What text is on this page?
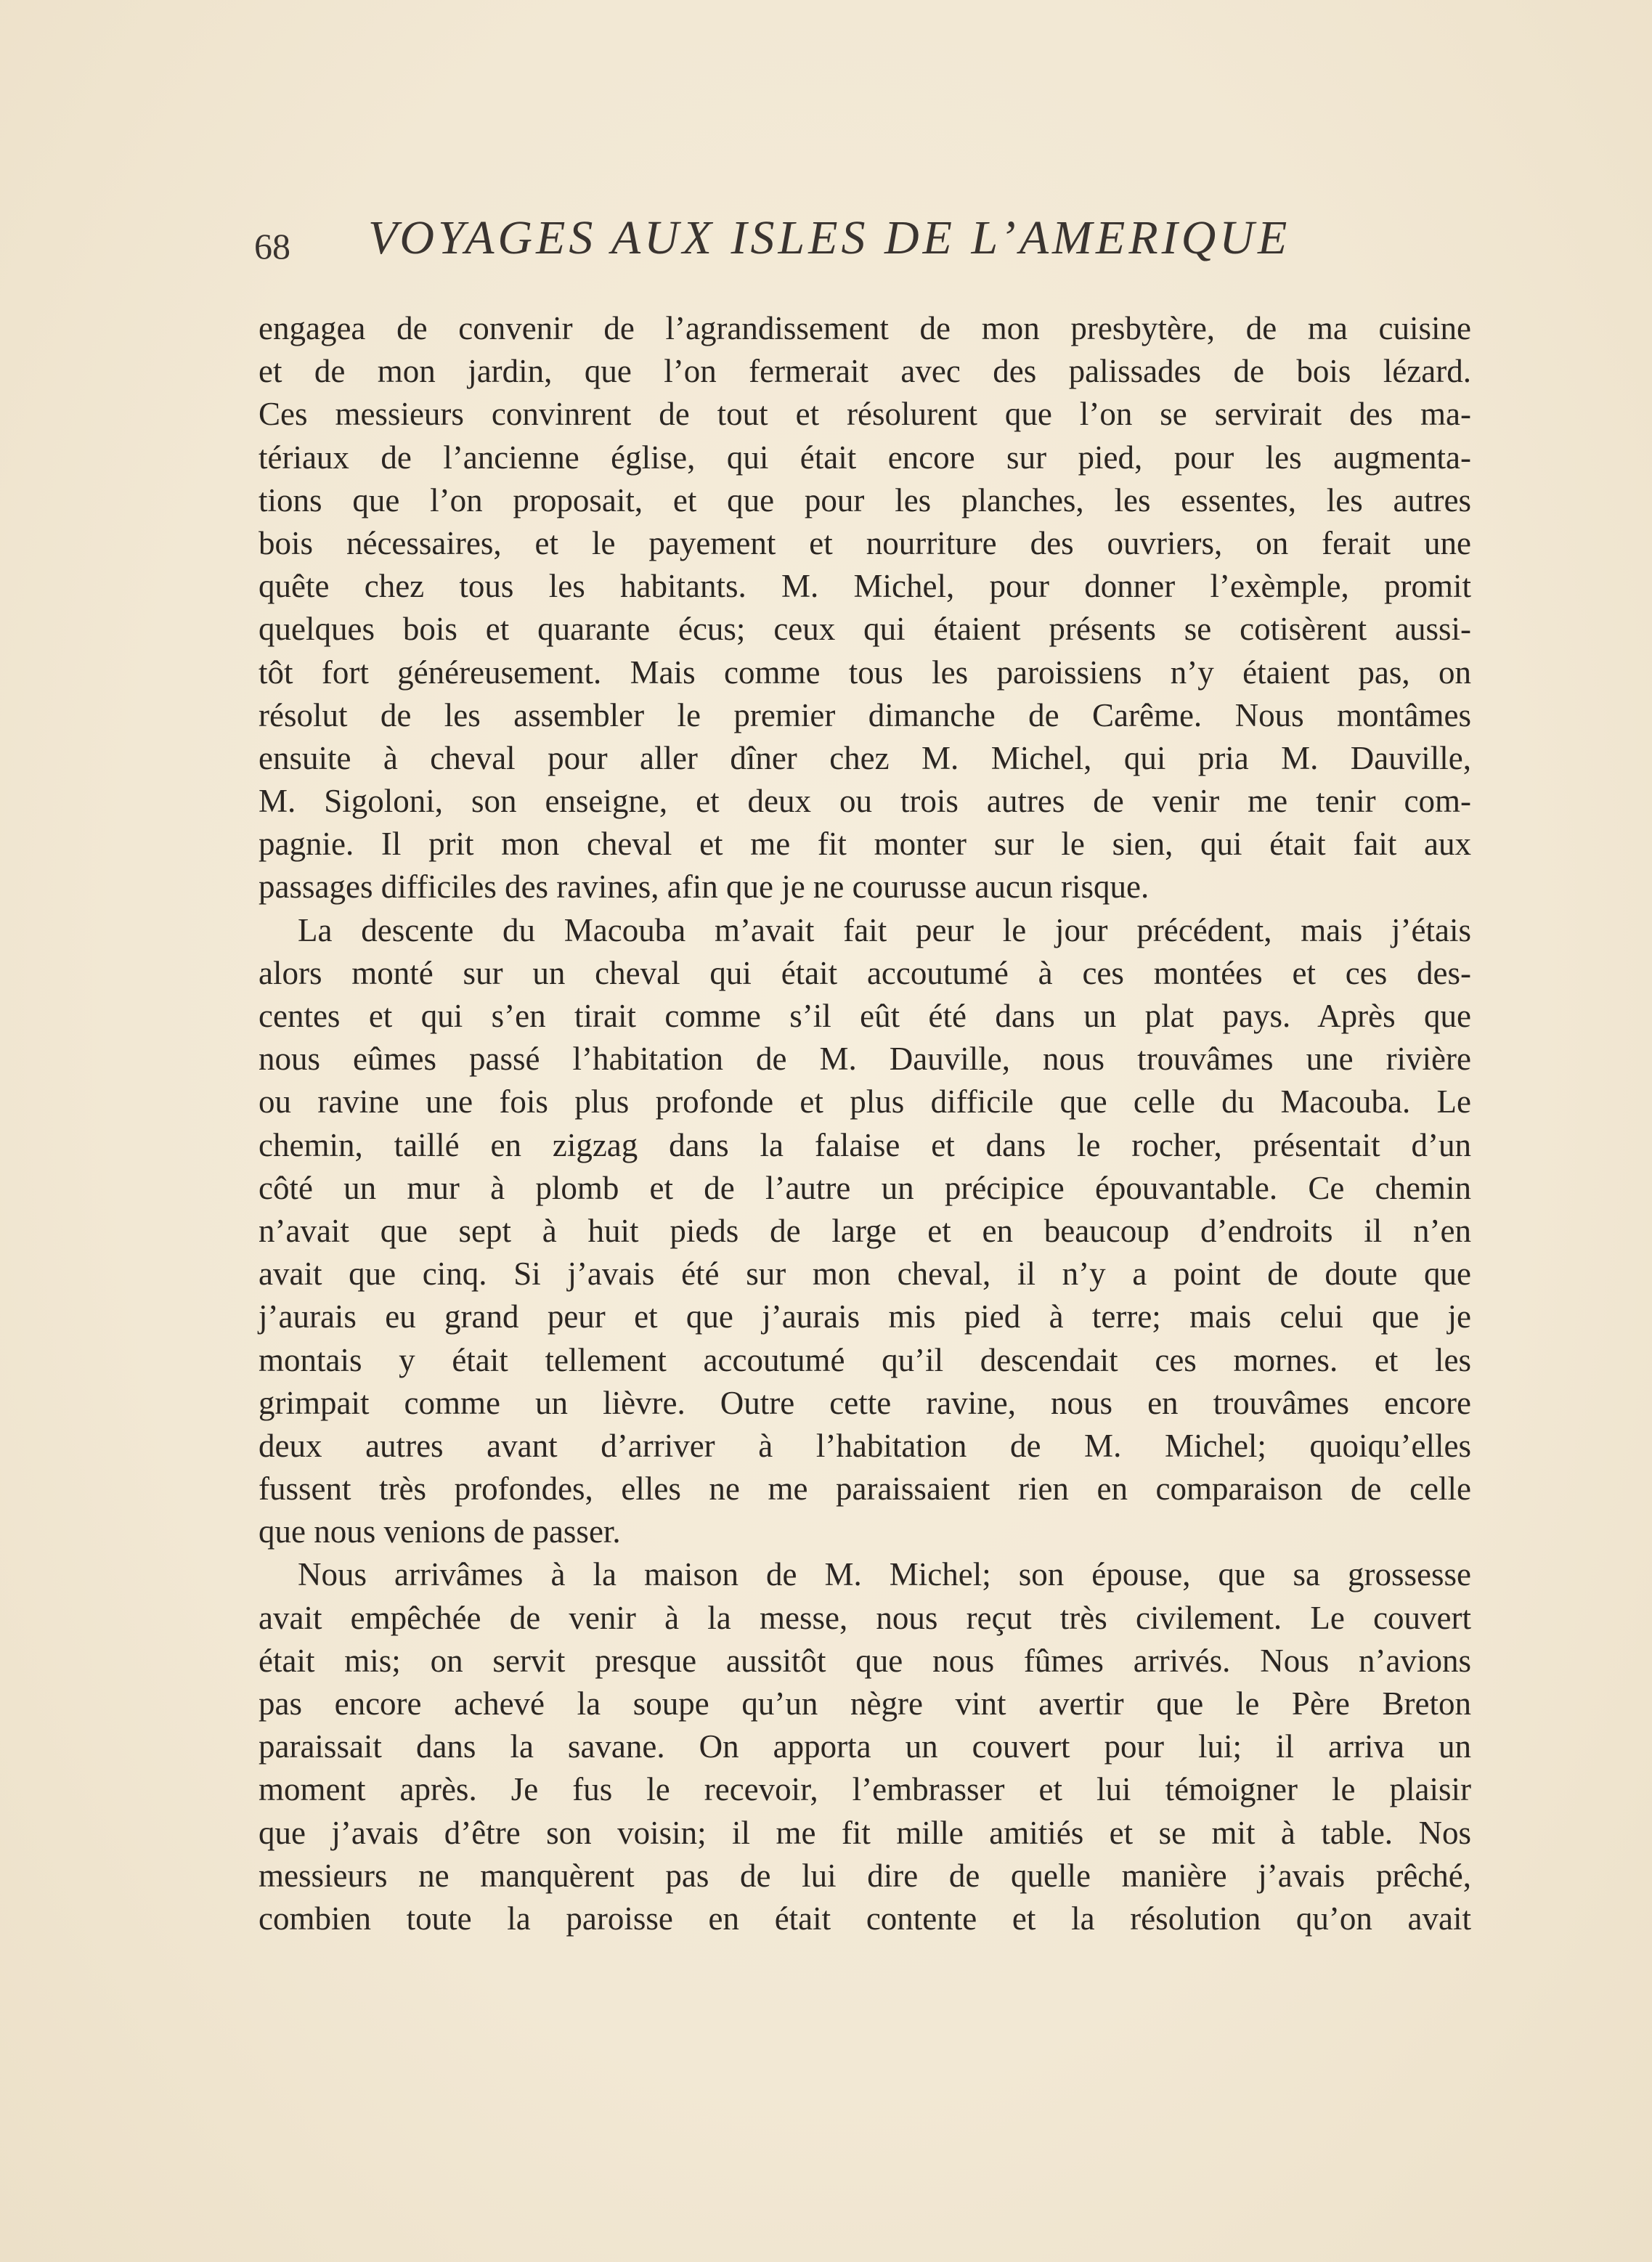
68 VOYAGES AUX ISLES DE L’AMERIQUE
engagea de convenir de l’agrandissement de mon presbytère, de ma cuisine
et de mon jardin, que l’on fermerait avec des palissades de bois lézard.
Ces messieurs convinrent de tout et résolurent que l’on se servirait des ma-
tériaux de l’ancienne église, qui était encore sur pied, pour les augmenta-
tions que l’on proposait, et que pour les planches, les essentes, les autres
bois nécessaires, et le payement et nourriture des ouvriers, on ferait une
quête chez tous les habitants. M. Michel, pour donner l’exèmple, promit
quelques bois et quarante écus; ceux qui étaient présents se cotisèrent aussi-
tôt fort généreusement. Mais comme tous les paroissiens n’y étaient pas, on
résolut de les assembler le premier dimanche de Carême. Nous montâmes
ensuite à cheval pour aller dîner chez M. Michel, qui pria M. Dauville,
M. Sigoloni, son enseigne, et deux ou trois autres de venir me tenir com-
pagnie. Il prit mon cheval et me fit monter sur le sien, qui était fait aux
passages difficiles des ravines, afin que je ne courusse aucun risque.
La descente du Macouba m’avait fait peur le jour précédent, mais j’étais
alors monté sur un cheval qui était accoutumé à ces montées et ces des-
centes et qui s’en tirait comme s’il eût été dans un plat pays. Après que
nous eûmes passé l’habitation de M. Dauville, nous trouvâmes une rivière
ou ravine une fois plus profonde et plus difficile que celle du Macouba. Le
chemin, taillé en zigzag dans la falaise et dans le rocher, présentait d’un
côté un mur à plomb et de l’autre un précipice épouvantable. Ce chemin
n’avait que sept à huit pieds de large et en beaucoup d’endroits il n’en
avait que cinq. Si j’avais été sur mon cheval, il n’y a point de doute que
j’aurais eu grand peur et que j’aurais mis pied à terre; mais celui que je
montais y était tellement accoutumé qu’il descendait ces mornes. et les
grimpait comme un lièvre. Outre cette ravine, nous en trouvâmes encore
deux autres avant d’arriver à l’habitation de M. Michel; quoiqu’elles
fussent très profondes, elles ne me paraissaient rien en comparaison de celle
que nous venions de passer.
Nous arrivâmes à la maison de M. Michel; son épouse, que sa grossesse
avait empêchée de venir à la messe, nous reçut très civilement. Le couvert
était mis; on servit presque aussitôt que nous fûmes arrivés. Nous n’avions
pas encore achevé la soupe qu’un nègre vint avertir que le Père Breton
paraissait dans la savane. On apporta un couvert pour lui; il arriva un
moment après. Je fus le recevoir, l’embrasser et lui témoigner le plaisir
que j’avais d’être son voisin; il me fit mille amitiés et se mit à table. Nos
messieurs ne manquèrent pas de lui dire de quelle manière j’avais prêché,
combien toute la paroisse en était contente et la résolution qu’on avait
